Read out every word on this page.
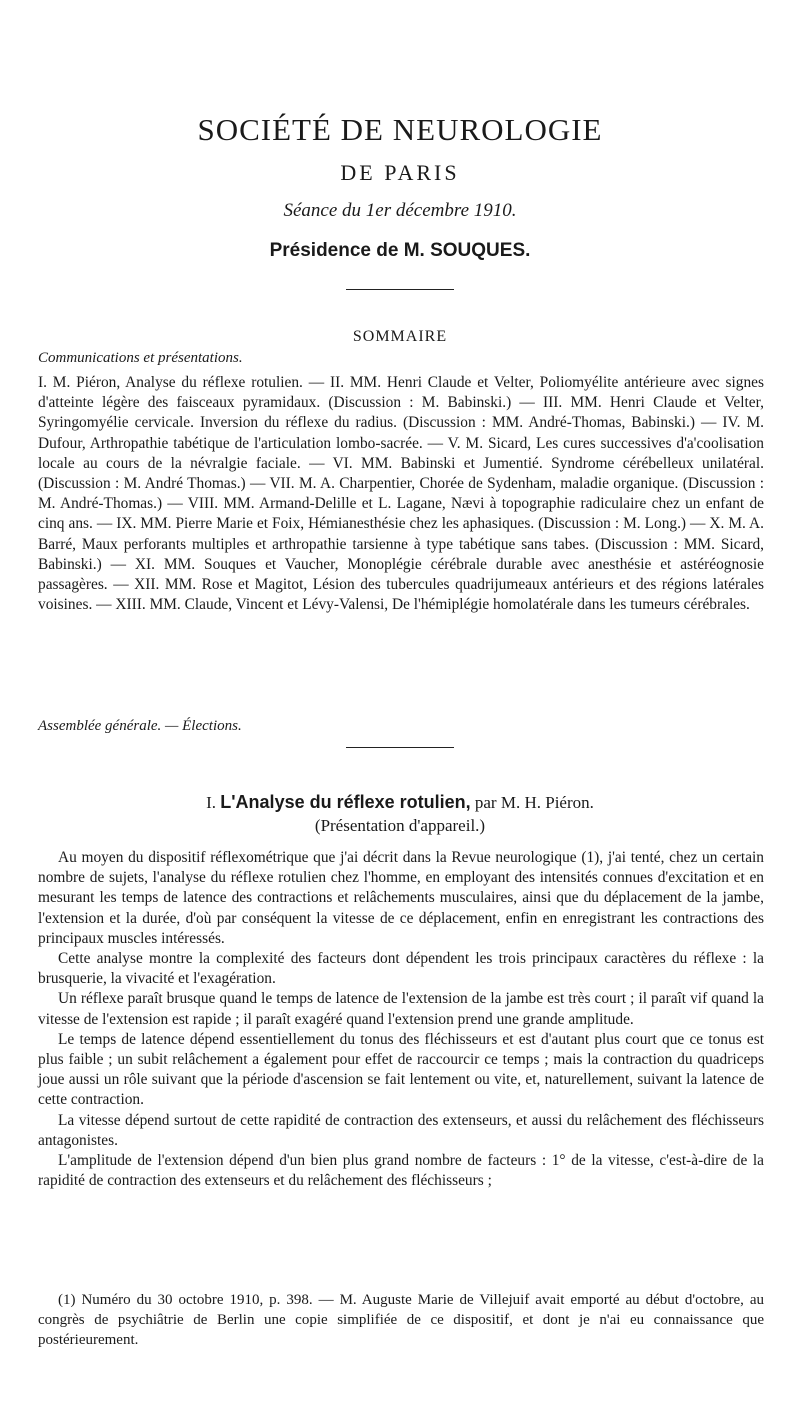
SOCIÉTÉ DE NEUROLOGIE
DE PARIS
Séance du 1er décembre 1910.
Présidence de M. SOUQUES.
SOMMAIRE
Communications et présentations.
I. M. Piéron, Analyse du réflexe rotulien. — II. MM. Henri Claude et Velter, Poliomyélite antérieure avec signes d'atteinte légère des faisceaux pyramidaux. (Discussion : M. Babinski.) — III. MM. Henri Claude et Velter, Syringomyélie cervicale. Inversion du réflexe du radius. (Discussion : MM. André-Thomas, Babinski.) — IV. M. Dufour, Arthropathie tabétique de l'articulation lombo-sacrée. — V. M. Sicard, Les cures successives d'a'coolisation locale au cours de la névralgie faciale. — VI. MM. Babinski et Jumentié. Syndrome cérébelleux unilatéral. (Discussion : M. André Thomas.) — VII. M. A. Charpentier, Chorée de Sydenham, maladie organique. (Discussion : M. André-Thomas.) — VIII. MM. Armand-Delille et L. Lagane, Nævi à topographie radiculaire chez un enfant de cinq ans. — IX. MM. Pierre Marie et Foix, Hémianesthésie chez les aphasiques. (Discussion : M. Long.) — X. M. A. Barré, Maux perforants multiples et arthropathie tarsienne à type tabétique sans tabes. (Discussion : MM. Sicard, Babinski.) — XI. MM. Souques et Vaucher, Monoplégie cérébrale durable avec anesthésie et astéréognosie passagères. — XII. MM. Rose et Magitot, Lésion des tubercules quadrijumeaux antérieurs et des régions latérales voisines. — XIII. MM. Claude, Vincent et Lévy-Valensi, De l'hémiplégie homolatérale dans les tumeurs cérébrales.
Assemblée générale. — Élections.
I. L'Analyse du réflexe rotulien, par M. H. Piéron.
(Présentation d'appareil.)

Au moyen du dispositif réflexométrique que j'ai décrit dans la Revue neurologique (1), j'ai tenté, chez un certain nombre de sujets, l'analyse du réflexe rotulien chez l'homme, en employant des intensités connues d'excitation et en mesurant les temps de latence des contractions et relâchements musculaires, ainsi que du déplacement de la jambe, l'extension et la durée, d'où par conséquent la vitesse de ce déplacement, enfin en enregistrant les contractions des principaux muscles intéressés.

Cette analyse montre la complexité des facteurs dont dépendent les trois principaux caractères du réflexe : la brusquerie, la vivacité et l'exagération.

Un réflexe paraît brusque quand le temps de latence de l'extension de la jambe est très court ; il paraît vif quand la vitesse de l'extension est rapide ; il paraît exagéré quand l'extension prend une grande amplitude.

Le temps de latence dépend essentiellement du tonus des fléchisseurs et est d'autant plus court que ce tonus est plus faible ; un subit relâchement a également pour effet de raccourcir ce temps ; mais la contraction du quadriceps joue aussi un rôle suivant que la période d'ascension se fait lentement ou vite, et, naturellement, suivant la latence de cette contraction.

La vitesse dépend surtout de cette rapidité de contraction des extenseurs, et aussi du relâchement des fléchisseurs antagonistes.

L'amplitude de l'extension dépend d'un bien plus grand nombre de facteurs : 1° de la vitesse, c'est-à-dire de la rapidité de contraction des extenseurs et du relâchement des fléchisseurs ;

(1) Numéro du 30 octobre 1910, p. 398. — M. Auguste Marie de Villejuif avait emporté au début d'octobre, au congrès de psychiâtrie de Berlin une copie simplifiée de ce dispositif, et dont je n'ai eu connaissance que postérieurement.
